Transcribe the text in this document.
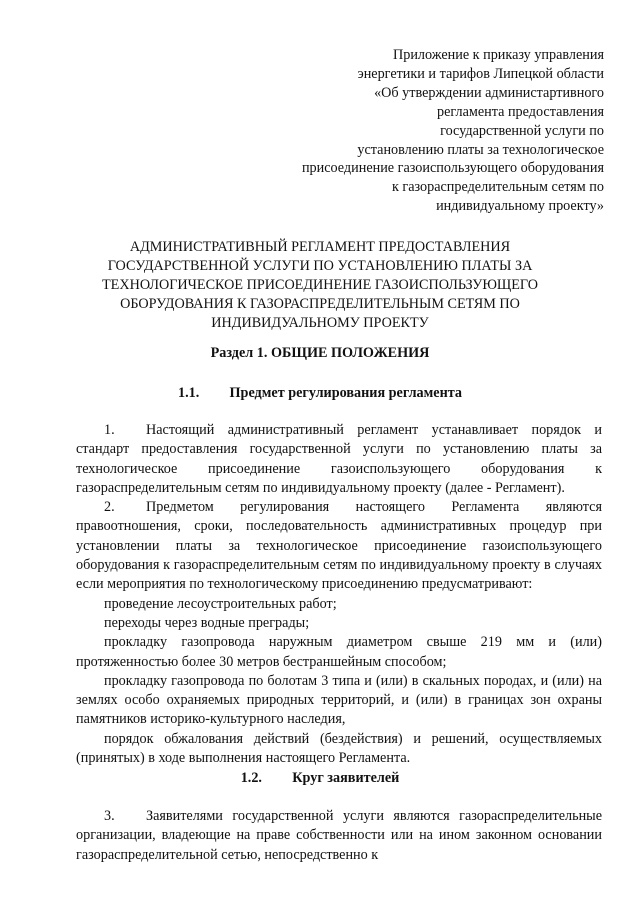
Приложение к приказу управления
энергетики и тарифов Липецкой области
«Об утверждении администартивного
регламента предоставления
государственной услуги по
установлению платы за технологическое
присоединение газоиспользующего оборудования
к газораспределительным сетям по
индивидуальному проекту»
АДМИНИСТРАТИВНЫЙ РЕГЛАМЕНТ ПРЕДОСТАВЛЕНИЯ
ГОСУДАРСТВЕННОЙ УСЛУГИ ПО УСТАНОВЛЕНИЮ ПЛАТЫ ЗА
ТЕХНОЛОГИЧЕСКОЕ ПРИСОЕДИНЕНИЕ ГАЗОИСПОЛЬЗУЮЩЕГО
ОБОРУДОВАНИЯ К ГАЗОРАСПРЕДЕЛИТЕЛЬНЫМ СЕТЯМ ПО
ИНДИВИДУАЛЬНОМУ ПРОЕКТУ
Раздел 1. ОБЩИЕ ПОЛОЖЕНИЯ
1.1. Предмет регулирования регламента

1. Настоящий административный регламент устанавливает порядок и стандарт предоставления государственной услуги по установлению платы за технологическое присоединение газоиспользующего оборудования к газораспределительным сетям по индивидуальному проекту (далее - Регламент).

2. Предметом регулирования настоящего Регламента являются правоотношения, сроки, последовательность административных процедур при установлении платы за технологическое присоединение газоиспользующего оборудования к газораспределительным сетям по индивидуальному проекту в случаях если мероприятия по технологическому присоединению предусматривают:

проведение лесоустроительных работ;

переходы через водные преграды;

прокладку газопровода наружным диаметром свыше 219 мм и (или) протяженностью более 30 метров бестраншейным способом;

прокладку газопровода по болотам 3 типа и (или) в скальных породах, и (или) на землях особо охраняемых природных территорий, и (или) в границах зон охраны памятников историко-культурного наследия,

порядок обжалования действий (бездействия) и решений, осуществляемых (принятых) в ходе выполнения настоящего Регламента.

1.2. Круг заявителей

3. Заявителями государственной услуги являются газораспределительные организации, владеющие на праве собственности или на ином законном основании газораспределительной сетью, непосредственно к
